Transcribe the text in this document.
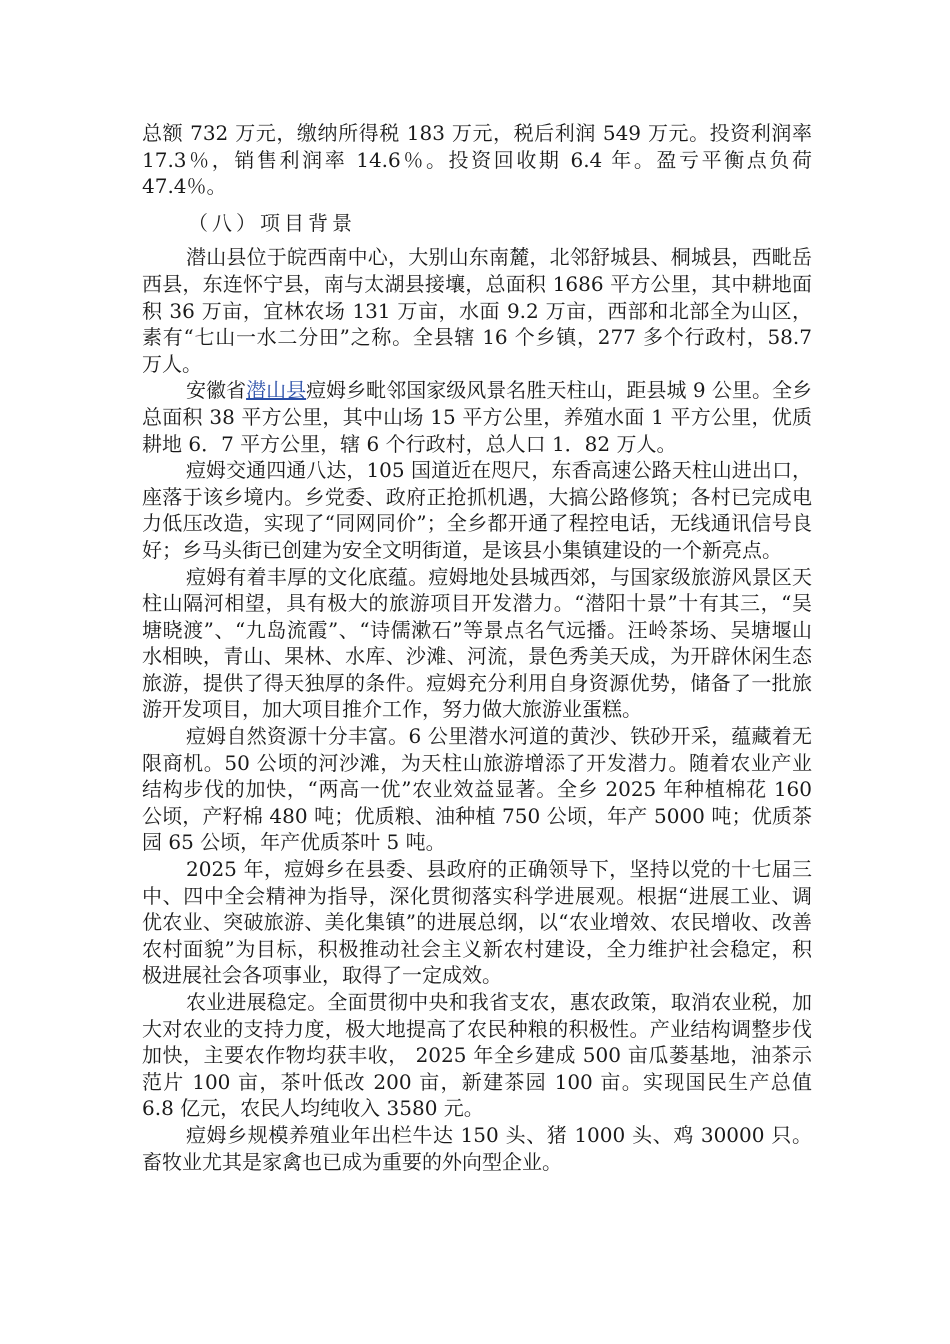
总额 732 万元，缴纳所得税 183 万元，税后利润 549 万元。投资利润率 17.3％，销售利润率 14.6％。投资回收期 6.4 年。盈亏平衡点负荷 47.4％。

（八）项目背景

潜山县位于皖西南中心，大别山东南麓，北邻舒城县、桐城县，西毗岳西县，东连怀宁县，南与太湖县接壤，总面积 1686 平方公里，其中耕地面积 36 万亩，宜林农场 131 万亩，水面 9.2 万亩，西部和北部全为山区，素有“七山一水二分田”之称。全县辖 16 个乡镇，277 多个行政村，58.7 万人。

安徽省潜山县痘姆乡毗邻国家级风景名胜天柱山，距县城 9 公里。全乡总面积 38 平方公里，其中山场 15 平方公里，养殖水面 1 平方公里，优质耕地 6．7 平方公里，辖 6 个行政村，总人口 1．82 万人。

痘姆交通四通八达，105 国道近在咫尺，东香高速公路天柱山进出口，座落于该乡境内。乡党委、政府正抢抓机遇，大搞公路修筑；各村已完成电力低压改造，实现了“同网同价”；全乡都开通了程控电话，无线通讯信号良好；乡马头街已创建为安全文明街道，是该县小集镇建设的一个新亮点。

痘姆有着丰厚的文化底蕴。痘姆地处县城西郊，与国家级旅游风景区天柱山隔河相望，具有极大的旅游项目开发潜力。“潜阳十景”十有其三，“吴塘晓渡”、“九岛流霞”、“诗儒漱石”等景点名气远播。汪岭茶场、吴塘堰山水相映，青山、果林、水库、沙滩、河流，景色秀美天成，为开辟休闲生态旅游，提供了得天独厚的条件。痘姆充分利用自身资源优势，储备了一批旅游开发项目，加大项目推介工作，努力做大旅游业蛋糕。

痘姆自然资源十分丰富。6 公里潜水河道的黄沙、铁砂开采，蕴藏着无限商机。50 公顷的河沙滩，为天柱山旅游增添了开发潜力。随着农业产业结构步伐的加快，“两高一优”农业效益显著。全乡 2025 年种植棉花 160 公顷，产籽棉 480 吨；优质粮、油种植 750 公顷，年产 5000 吨；优质茶园 65 公顷，年产优质茶叶 5 吨。

2025 年，痘姆乡在县委、县政府的正确领导下，坚持以党的十七届三中、四中全会精神为指导，深化贯彻落实科学进展观。根据“进展工业、调优农业、突破旅游、美化集镇”的进展总纲，以“农业增效、农民增收、改善农村面貌”为目标，积极推动社会主义新农村建设，全力维护社会稳定，积极进展社会各项事业，取得了一定成效。

农业进展稳定。全面贯彻中央和我省支农，惠农政策，取消农业税，加大对农业的支持力度，极大地提高了农民种粮的积极性。产业结构调整步伐加快，主要农作物均获丰收， 2025 年全乡建成 500 亩瓜蒌基地，油茶示范片 100 亩，茶叶低改 200 亩，新建茶园 100 亩。实现国民生产总值 6.8 亿元，农民人均纯收入 3580 元。

痘姆乡规模养殖业年出栏牛达 150 头、猪 1000 头、鸡 30000 只。畜牧业尤其是家禽也已成为重要的外向型企业。
